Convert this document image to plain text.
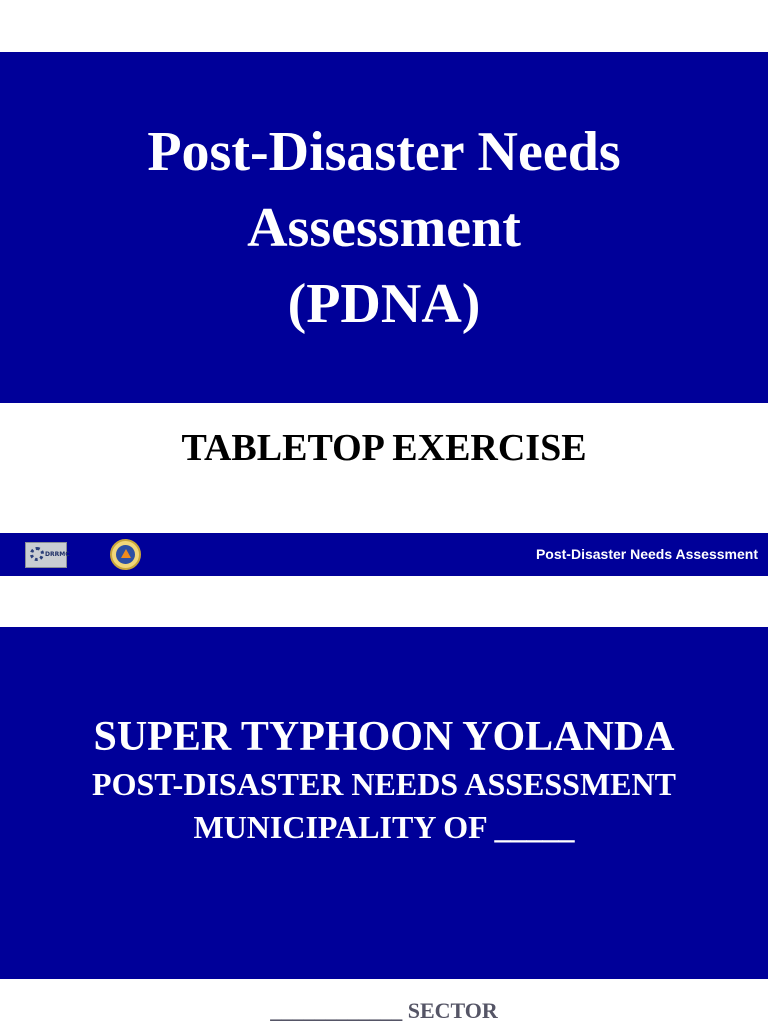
Post-Disaster Needs
Assessment
(PDNA)
TABLETOP EXERCISE
DRRMC	Post-Disaster Needs Assessment
SUPER TYPHOON YOLANDA
POST-DISASTER NEEDS ASSESSMENT
MUNICIPALITY OF _____
____________ SECTOR
